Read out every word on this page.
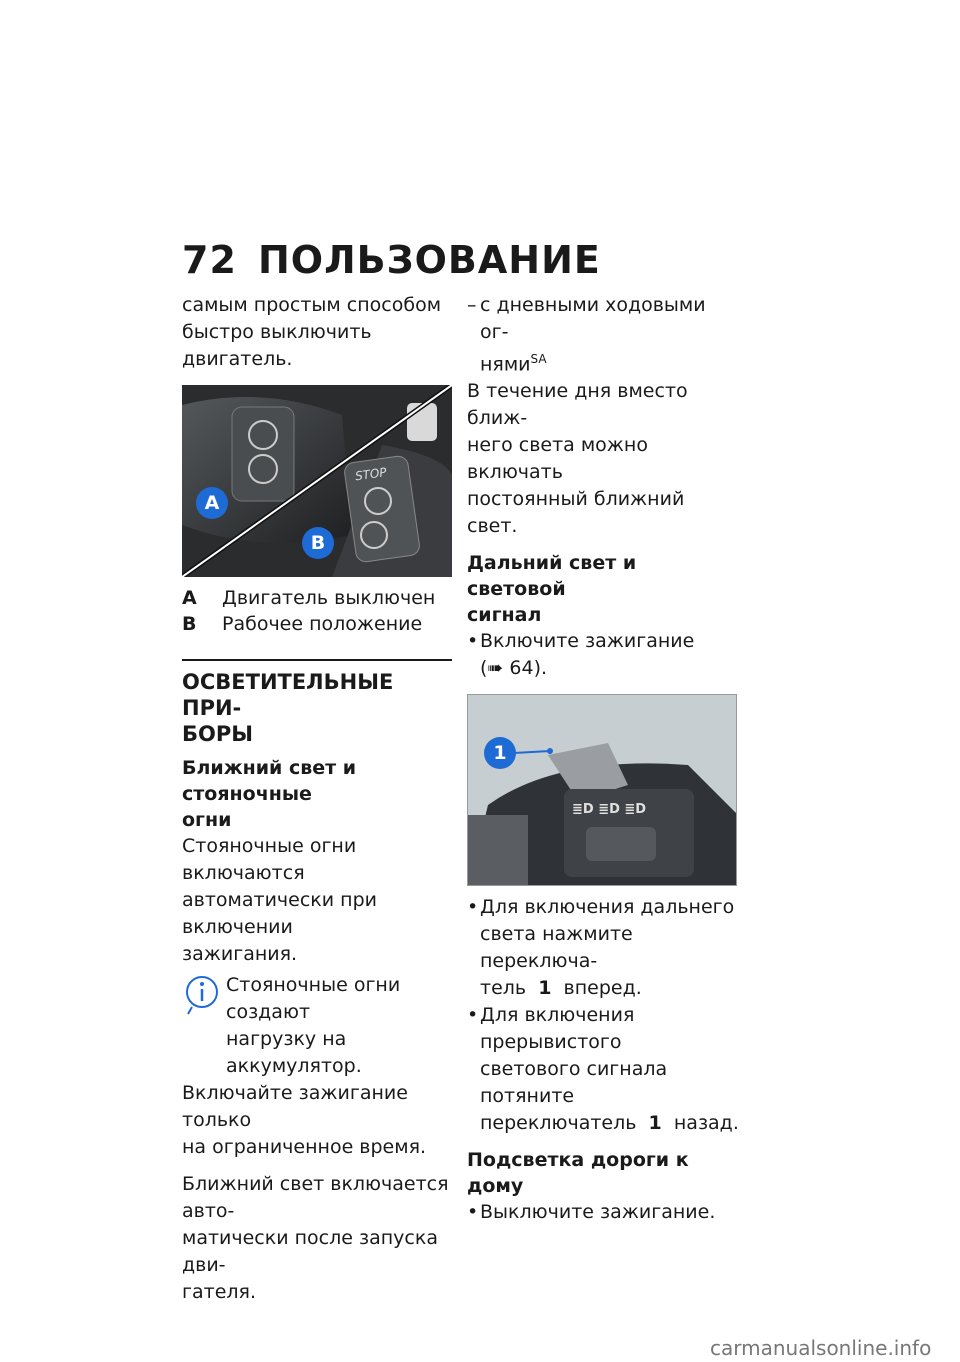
72 ПОЛЬЗОВАНИЕ

самым простым способом

быстро выключить двигатель.

STOP
A
B
A	Двигатель выключен
B	Рабочее положение
ОСВЕТИТЕЛЬНЫЕ ПРИ-
БОРЫ
Ближний свет и стояночные
огни

Стояночные огни включаются

автоматически при включении

зажигания.

Стояночные огни создают
нагрузку на аккумулятор.

Включайте зажигание только

на ограниченное время.

Ближний свет включается авто-

матически после запуска дви-

гателя.

– с дневными ходовыми ог-
нями$^{SA}$

В течение дня вместо ближ-

него света можно включать

постоянный ближний свет.

Дальний свет и световой
сигнал
• Включите зажигание (➠ 64).
≣D ≣D ≣D
1
• Для включения дальнего
света нажмите переключа-
тель 1 вперед.
• Для включения прерывистого
светового сигнала потяните
переключатель 1 назад.
Подсветка дороги к дому
• Выключите зажигание.
carmanualsonline.info
